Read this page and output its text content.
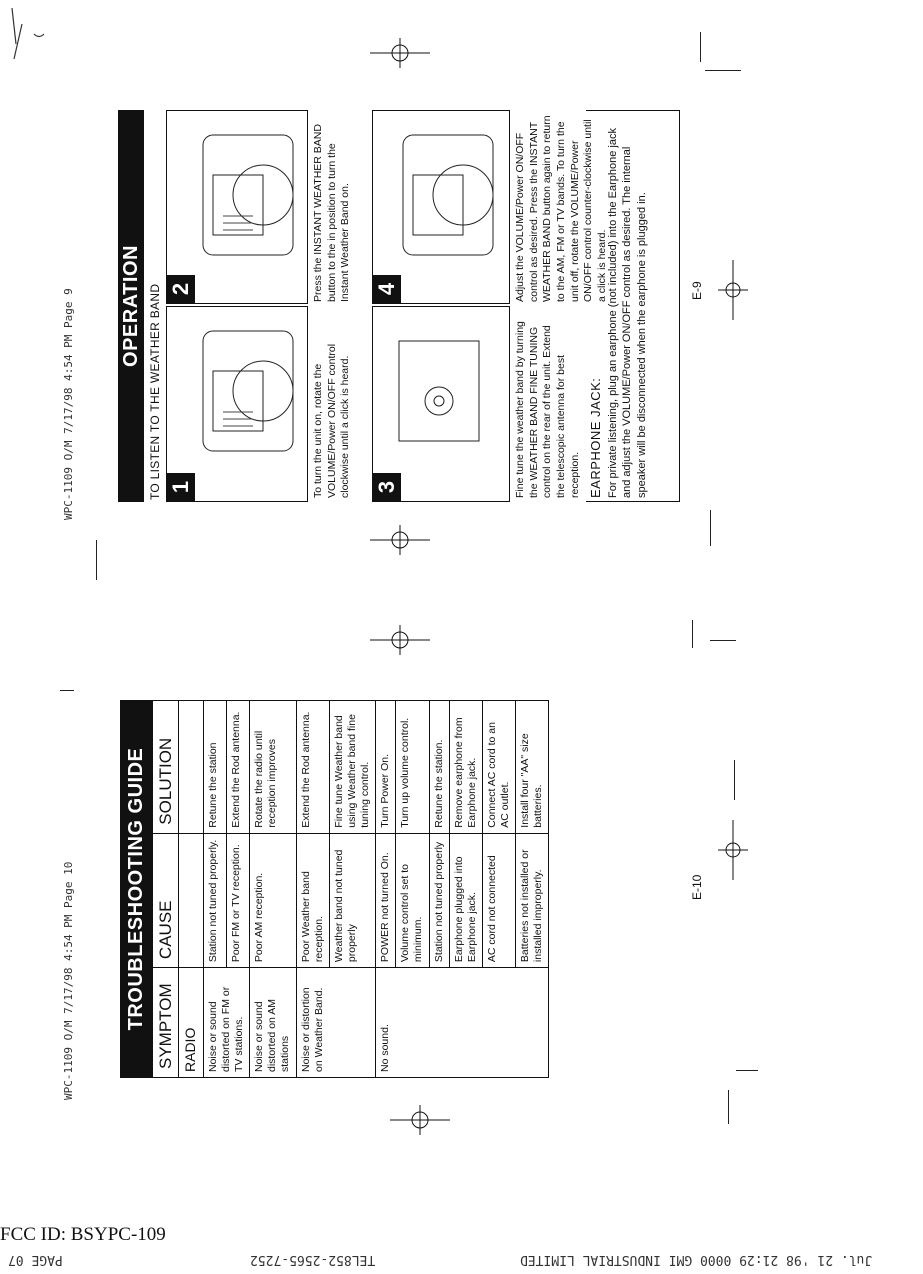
WPC-1109 O/M 7/17/98 4:54 PM Page 9
WPC-1109 O/M 7/17/98 4:54 PM Page 10
OPERATION TO LISTEN TO THE WEATHER BAND 1	To turn the unit on, rotate the VOLUME/Power ON/OFF control clockwise until a click is heard.
2	Press the INSTANT WEATHER BAND button to the in position to turn the Instant Weather Band on.
3	Fine tune the weather band by turning the WEATHER BAND FINE TUNING control on the rear of the unit. Extend the telescopic antenna for best reception.
4	Adjust the VOLUME/Power ON/OFF control as desired. Press the INSTANT WEATHER BAND button again to return to the AM, FM or TV bands. To turn the unit off, rotate the VOLUME/Power ON/OFF control counter-clockwise until a click is heard.
EARPHONE JACK: For private listening, plug an earphone (not included) into the Earphone jack and adjust the VOLUME/Power ON/OFF control as desired. The internal speaker will be disconnected when the earphone is plugged in.	E-9
TROUBLESHOOTING GUIDE SYMPTOM	CAUSE	SOLUTION
RADIO		
Noise or sound distorted on FM or TV stations.	Station not tuned properly.	Retune the station
	Poor FM or TV reception.	Extend the Rod antenna.
Noise or sound distorted on AM stations	Poor AM reception.	Rotate the radio until reception improves
Noise or distortion on Weather Band.	Poor Weather band reception.	Extend the Rod antenna.
	Weather band not tuned properly	Fine tune Weather band using Weather band fine tuning control.
No sound.	POWER not turned On.	Turn Power On.
	Volume control set to minimum.	Turn up volume control.
	Station not tuned properly	Retune the station.
	Earphone plugged into Earphone jack.	Remove earphone from Earphone jack.
	AC cord not connected	Connect AC cord to an AC outlet.
	Batteries not installed or installed improperly.	Install four "AA" size batteries.
E-10
FCC ID: BSYPC-109
PAGE 07	TEL852-2565-7252	Jul. 21 '98 21:29 0000 GMI INDUSTRIAL LIMITED
